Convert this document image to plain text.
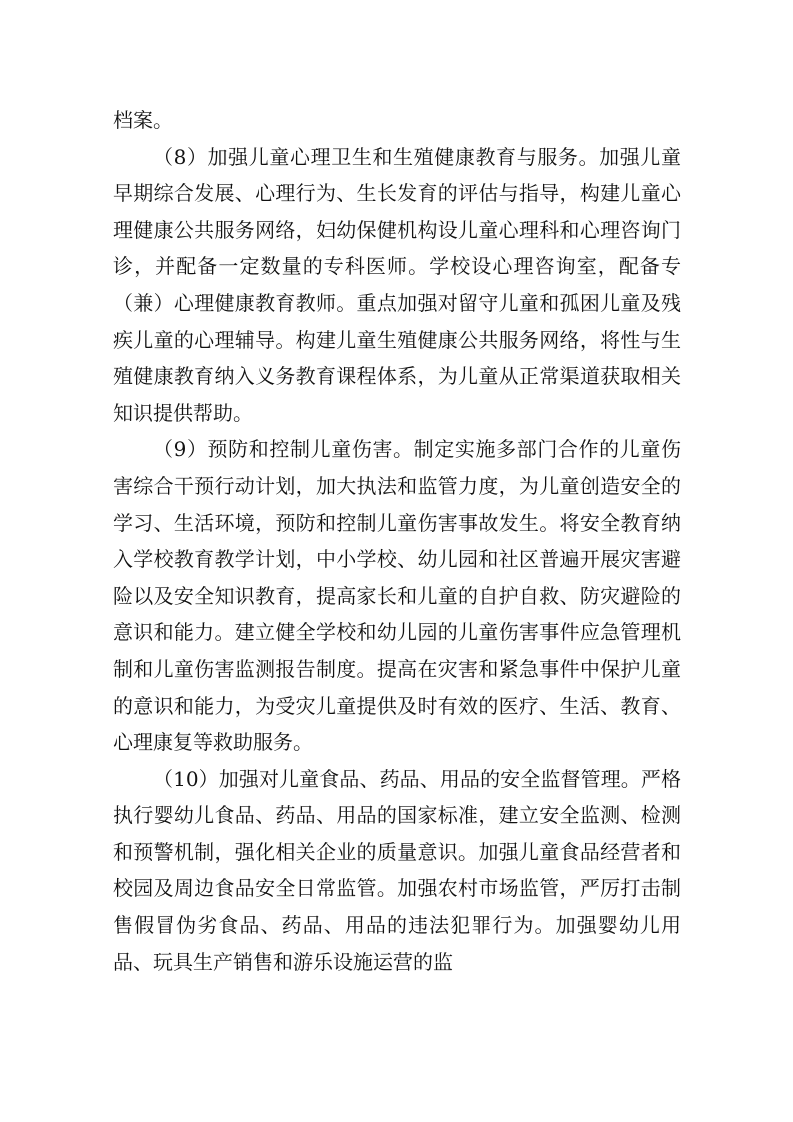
档案。

（8）加强儿童心理卫生和生殖健康教育与服务。加强儿童早期综合发展、心理行为、生长发育的评估与指导，构建儿童心理健康公共服务网络，妇幼保健机构设儿童心理科和心理咨询门诊，并配备一定数量的专科医师。学校设心理咨询室，配备专（兼）心理健康教育教师。重点加强对留守儿童和孤困儿童及残疾儿童的心理辅导。构建儿童生殖健康公共服务网络，将性与生殖健康教育纳入义务教育课程体系，为儿童从正常渠道获取相关知识提供帮助。

（9）预防和控制儿童伤害。制定实施多部门合作的儿童伤害综合干预行动计划，加大执法和监管力度，为儿童创造安全的学习、生活环境，预防和控制儿童伤害事故发生。将安全教育纳入学校教育教学计划，中小学校、幼儿园和社区普遍开展灾害避险以及安全知识教育，提高家长和儿童的自护自救、防灾避险的意识和能力。建立健全学校和幼儿园的儿童伤害事件应急管理机制和儿童伤害监测报告制度。提高在灾害和紧急事件中保护儿童的意识和能力，为受灾儿童提供及时有效的医疗、生活、教育、心理康复等救助服务。

（10）加强对儿童食品、药品、用品的安全监督管理。严格执行婴幼儿食品、药品、用品的国家标准，建立安全监测、检测和预警机制，强化相关企业的质量意识。加强儿童食品经营者和校园及周边食品安全日常监管。加强农村市场监管，严厉打击制售假冒伪劣食品、药品、用品的违法犯罪行为。加强婴幼儿用品、玩具生产销售和游乐设施运营的监
